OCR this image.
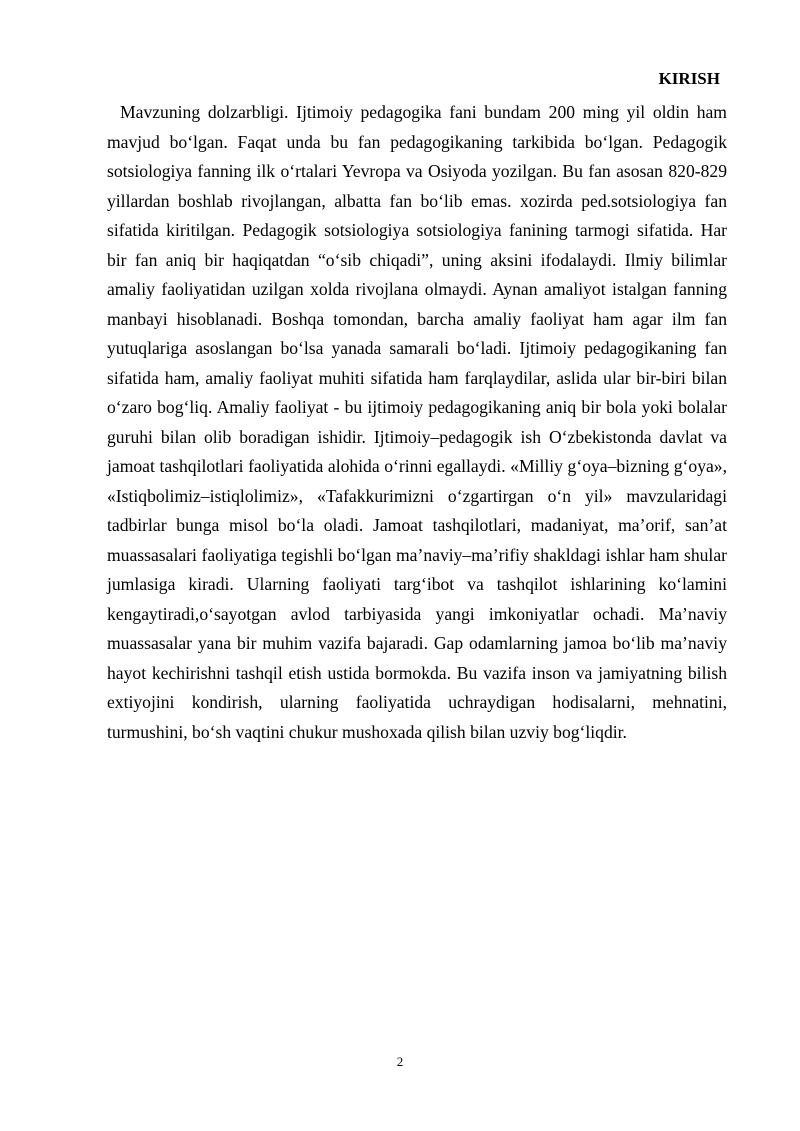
KIRISH

Mavzuning dolzarbligi. Ijtimoiy pedagogika fani bundam 200 ming yil oldin ham mavjud bo‘lgan. Faqat unda bu fan pedagogikaning tarkibida bo‘lgan. Pedagogik sotsiologiya fanning ilk o‘rtalari Yevropa va Osiyoda yozilgan. Bu fan asosan 820-829 yillardan boshlab rivojlangan, albatta fan bo‘lib emas. xozirda ped.sotsiologiya fan sifatida kiritilgan. Pedagogik sotsiologiya sotsiologiya fanining tarmogi sifatida. Har bir fan aniq bir haqiqatdan “o‘sib chiqadi”, uning aksini ifodalaydi. Ilmiy bilimlar amaliy faoliyatidan uzilgan xolda rivojlana olmaydi. Aynan amaliyot istalgan fanning manbayi hisoblanadi. Boshqa tomondan, barcha amaliy faoliyat ham agar ilm fan yutuqlariga asoslangan bo‘lsa yanada samarali bo‘ladi. Ijtimoiy pedagogikaning fan sifatida ham, amaliy faoliyat muhiti sifatida ham farqlaydilar, aslida ular bir-biri bilan o‘zaro bog‘liq. Amaliy faoliyat - bu ijtimoiy pedagogikaning aniq bir bola yoki bolalar guruhi bilan olib boradigan ishidir. Ijtimoiy–pedagogik ish O‘zbekistonda davlat va jamoat tashqilotlari faoliyatida alohida o‘rinni egallaydi. «Milliy g‘oya–bizning g‘oya», «Istiqbolimiz–istiqlolimiz», «Tafakkurimizni o‘zgartirgan o‘n yil» mavzularidagi tadbirlar bunga misol bo‘la oladi. Jamoat tashqilotlari, madaniyat, ma’orif, san’at muassasalari faoliyatiga tegishli bo‘lgan ma’naviy–ma’rifiy shakldagi ishlar ham shular jumlasiga kiradi. Ularning faoliyati targ‘ibot va tashqilot ishlarining ko‘lamini kengaytiradi,o‘sayotgan avlod tarbiyasida yangi imkoniyatlar ochadi. Ma’naviy muassasalar yana bir muhim vazifa bajaradi. Gap odamlarning jamoa bo‘lib ma’naviy hayot kechirishni tashqil etish ustida bormokda. Bu vazifa inson va jamiyatning bilish extiyojini kondirish, ularning faoliyatida uchraydigan hodisalarni, mehnatini, turmushini, bo‘sh vaqtini chukur mushoxada qilish bilan uzviy bog‘liqdir.

2
